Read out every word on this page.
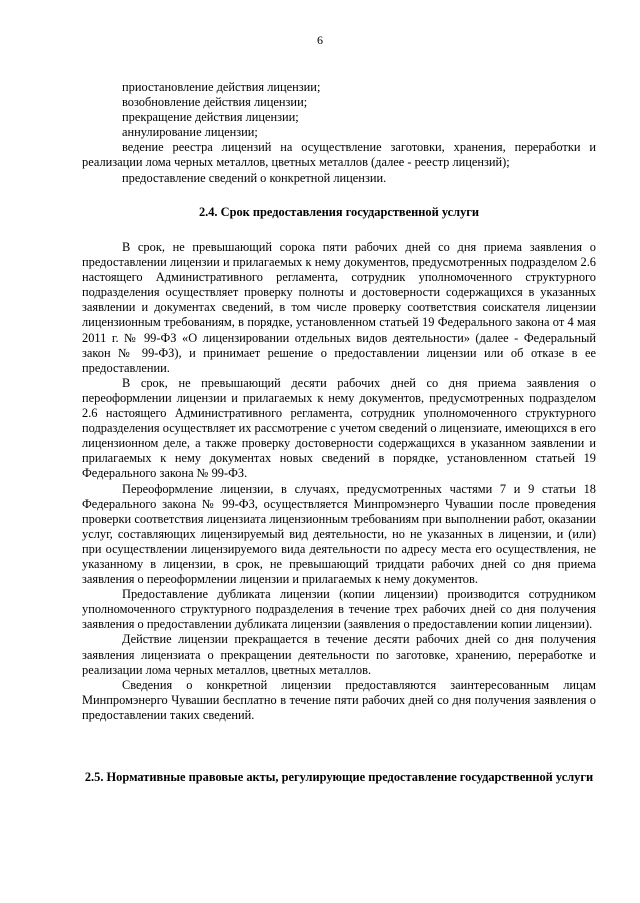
6

приостановление действия лицензии;

возобновление действия лицензии;

прекращение действия лицензии;

аннулирование лицензии;

ведение реестра лицензий на осуществление заготовки, хранения, переработки и реализации лома черных металлов, цветных металлов (далее - реестр лицензий);

предоставление сведений о конкретной лицензии.

2.4. Срок предоставления государственной услуги

В срок, не превышающий сорока пяти рабочих дней со дня приема заявления о предоставлении лицензии и прилагаемых к нему документов, предусмотренных подразделом 2.6 настоящего Административного регламента, сотрудник уполномоченного структурного подразделения осуществляет проверку полноты и достоверности содержащихся в указанных заявлении и документах сведений, в том числе проверку соответствия соискателя лицензии лицензионным требованиям, в порядке, установленном статьей 19 Федерального закона от 4 мая 2011 г. № 99-ФЗ «О лицензировании отдельных видов деятельности» (далее - Федеральный закон № 99-ФЗ), и принимает решение о предоставлении лицензии или об отказе в ее предоставлении.

В срок, не превышающий десяти рабочих дней со дня приема заявления о переоформлении лицензии и прилагаемых к нему документов, предусмотренных подразделом 2.6 настоящего Административного регламента, сотрудник уполномоченного структурного подразделения осуществляет их рассмотрение с учетом сведений о лицензиате, имеющихся в его лицензионном деле, а также проверку достоверности содержащихся в указанном заявлении и прилагаемых к нему документах новых сведений в порядке, установленном статьей 19 Федерального закона № 99-ФЗ.

Переоформление лицензии, в случаях, предусмотренных частями 7 и 9 статьи 18 Федерального закона № 99-ФЗ, осуществляется Минпромэнерго Чувашии после проведения проверки соответствия лицензиата лицензионным требованиям при выполнении работ, оказании услуг, составляющих лицензируемый вид деятельности, но не указанных в лицензии, и (или) при осуществлении лицензируемого вида деятельности по адресу места его осуществления, не указанному в лицензии, в срок, не превышающий тридцати рабочих дней со дня приема заявления о переоформлении лицензии и прилагаемых к нему документов.

Предоставление дубликата лицензии (копии лицензии) производится сотрудником уполномоченного структурного подразделения в течение трех рабочих дней со дня получения заявления о предоставлении дубликата лицензии (заявления о предоставлении копии лицензии).

Действие лицензии прекращается в течение десяти рабочих дней со дня получения заявления лицензиата о прекращении деятельности по заготовке, хранению, переработке и реализации лома черных металлов, цветных металлов.

Сведения о конкретной лицензии предоставляются заинтересованным лицам Минпромэнерго Чувашии бесплатно в течение пяти рабочих дней со дня получения заявления о предоставлении таких сведений.

2.5. Нормативные правовые акты, регулирующие предоставление государственной услуги
